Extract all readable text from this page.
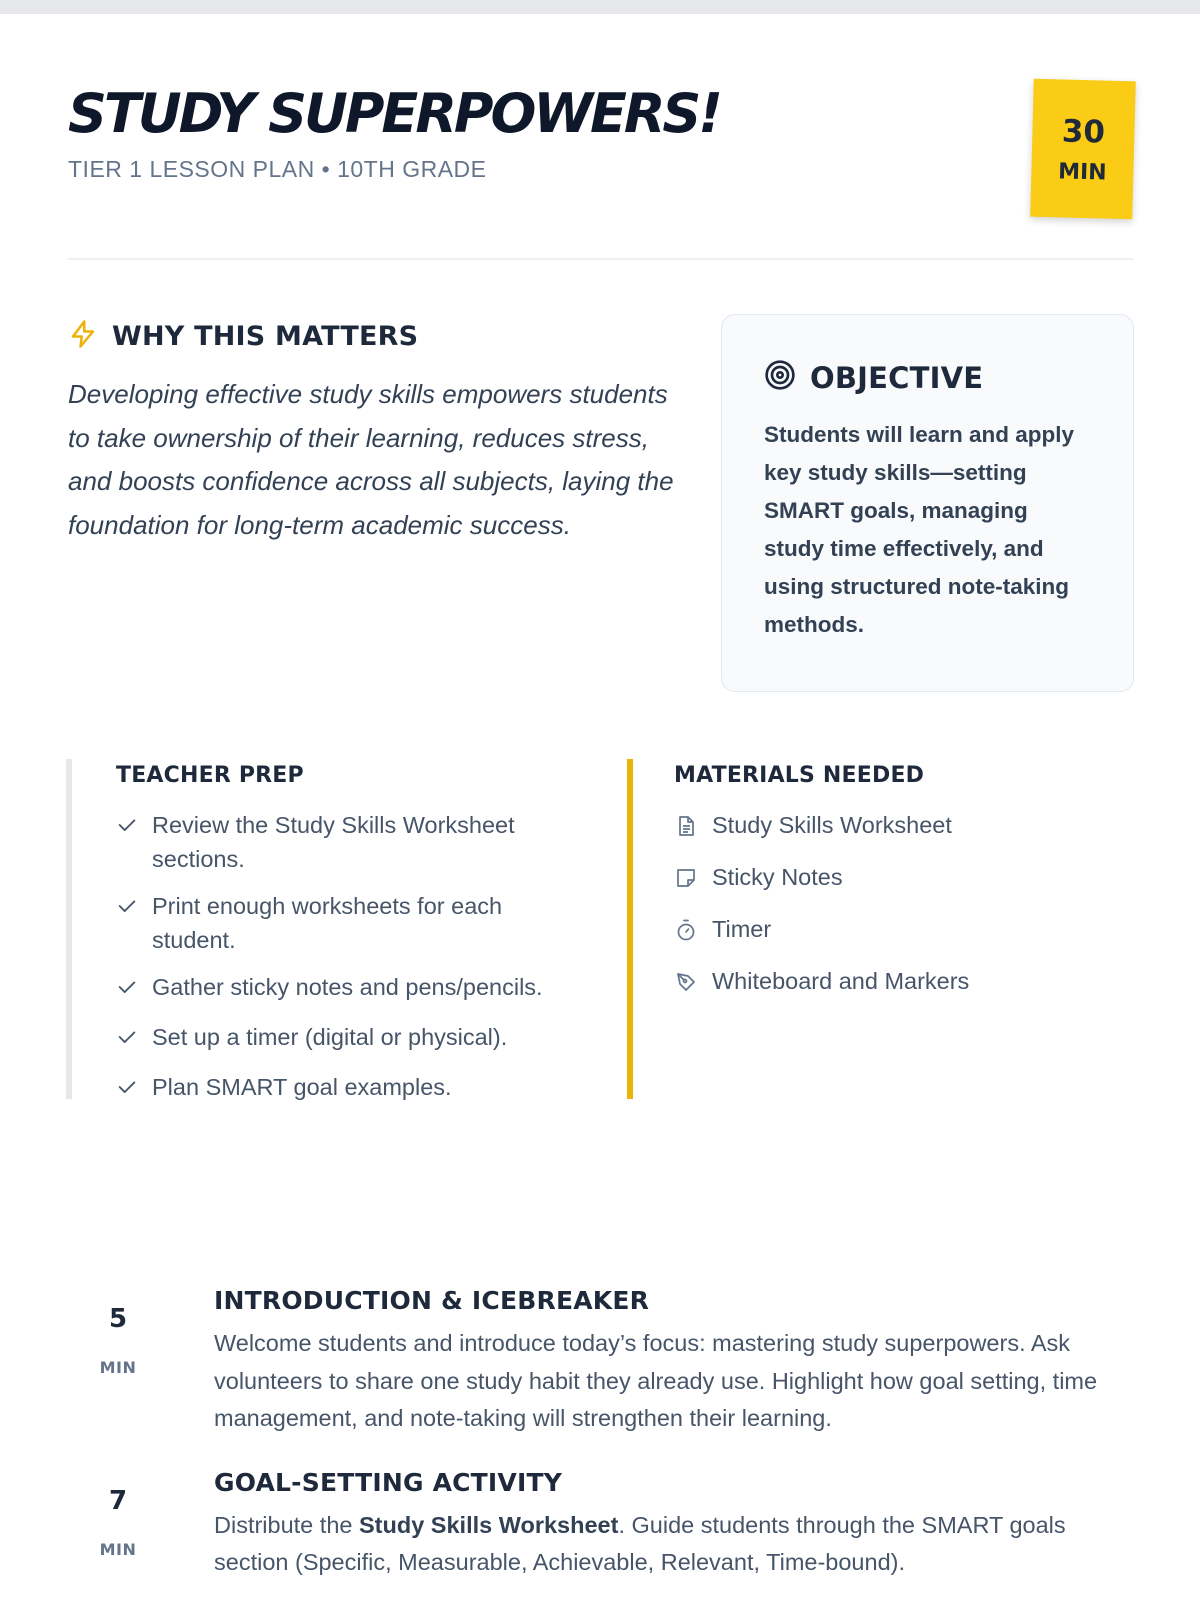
STUDY SUPERPOWERS!
TIER 1 LESSON PLAN • 10TH GRADE
30
MIN
WHY THIS MATTERS

Developing effective study skills empowers students to take ownership of their learning, reduces stress, and boosts confidence across all subjects, laying the foundation for long-term academic success.

OBJECTIVE

Students will learn and apply key study skills—setting SMART goals, managing study time effectively, and using structured note-taking methods.

TEACHER PREP
Review the Study Skills Worksheet sections.
Print enough worksheets for each student.
Gather sticky notes and pens/pencils.
Set up a timer (digital or physical).
Plan SMART goal examples.
MATERIALS NEEDED
Study Skills Worksheet
Sticky Notes
Timer
Whiteboard and Markers
5
MIN
INTRODUCTION & ICEBREAKER

Welcome students and introduce today’s focus: mastering study superpowers. Ask volunteers to share one study habit they already use. Highlight how goal setting, time management, and note-taking will strengthen their learning.

7
MIN
GOAL-SETTING ACTIVITY

Distribute the Study Skills Worksheet. Guide students through the SMART goals section (Specific, Measurable, Achievable, Relevant, Time-bound).
